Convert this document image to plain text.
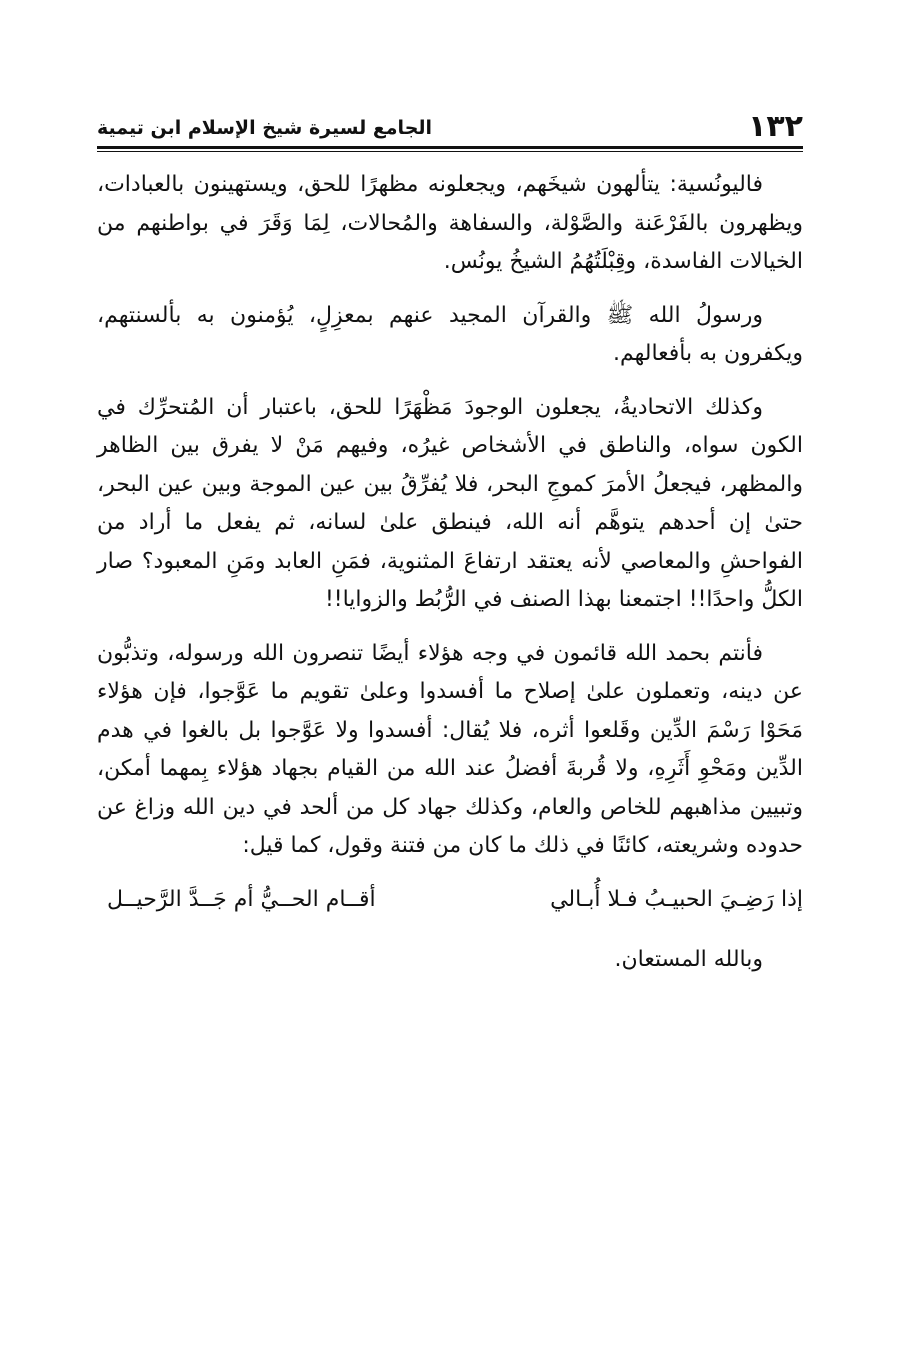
١٣٢
الجامع لسيرة شيخ الإسلام ابن تيمية

فاليونُسية: يتألهون شيخَهم، ويجعلونه مظهرًا للحق، ويستهينون بالعبادات، ويظهرون بالفَرْعَنة والصَّوْلة، والسفاهة والمُحالات، لِمَا وَقَرَ في بواطنهم من الخيالات الفاسدة، وقِبْلَتُهُمُ الشيخُ يونُس.

ورسولُ الله ﷺ والقرآن المجيد عنهم بمعزِلٍ، يُؤمنون به بألسنتهم، ويكفرون به بأفعالهم.

وكذلك الاتحاديةُ، يجعلون الوجودَ مَظْهَرًا للحق، باعتبار أن المُتحرِّك في الكون سواه، والناطق في الأشخاص غيرُه، وفيهم مَنْ لا يفرق بين الظاهر والمظهر، فيجعلُ الأمرَ كموجِ البحر، فلا يُفرِّقُ بين عين الموجة وبين عين البحر، حتىٰ إن أحدهم يتوهَّم أنه الله، فينطق علىٰ لسانه، ثم يفعل ما أراد من الفواحشِ والمعاصي لأنه يعتقد ارتفاعَ المثنوية، فمَنِ العابد ومَنِ المعبود؟ صار الكلُّ واحدًا!! اجتمعنا بهذا الصنف في الرُّبُط والزوايا!!

فأنتم بحمد الله قائمون في وجه هؤلاء أيضًا تنصرون الله ورسوله، وتذبُّون عن دينه، وتعملون علىٰ إصلاح ما أفسدوا وعلىٰ تقويم ما عَوَّجوا، فإن هؤلاء مَحَوْا رَسْمَ الدِّين وقَلعوا أثره، فلا يُقال: أفسدوا ولا عَوَّجوا بل بالغوا في هدم الدِّين ومَحْوِ أَثَرِهِ، ولا قُربةَ أفضلُ عند الله من القيام بجهاد هؤلاء بِمهما أمكن، وتبيين مذاهبهم للخاص والعام، وكذلك جهاد كل من ألحد في دين الله وزاغ عن حدوده وشريعته، كائنًا في ذلك ما كان من فتنة وقول، كما قيل:

إذا رَضِـيَ الحبيـبُ فـلا أُبـالي
أقــام الحــيُّ أم جَــدَّ الرَّحيــل

وبالله المستعان.
